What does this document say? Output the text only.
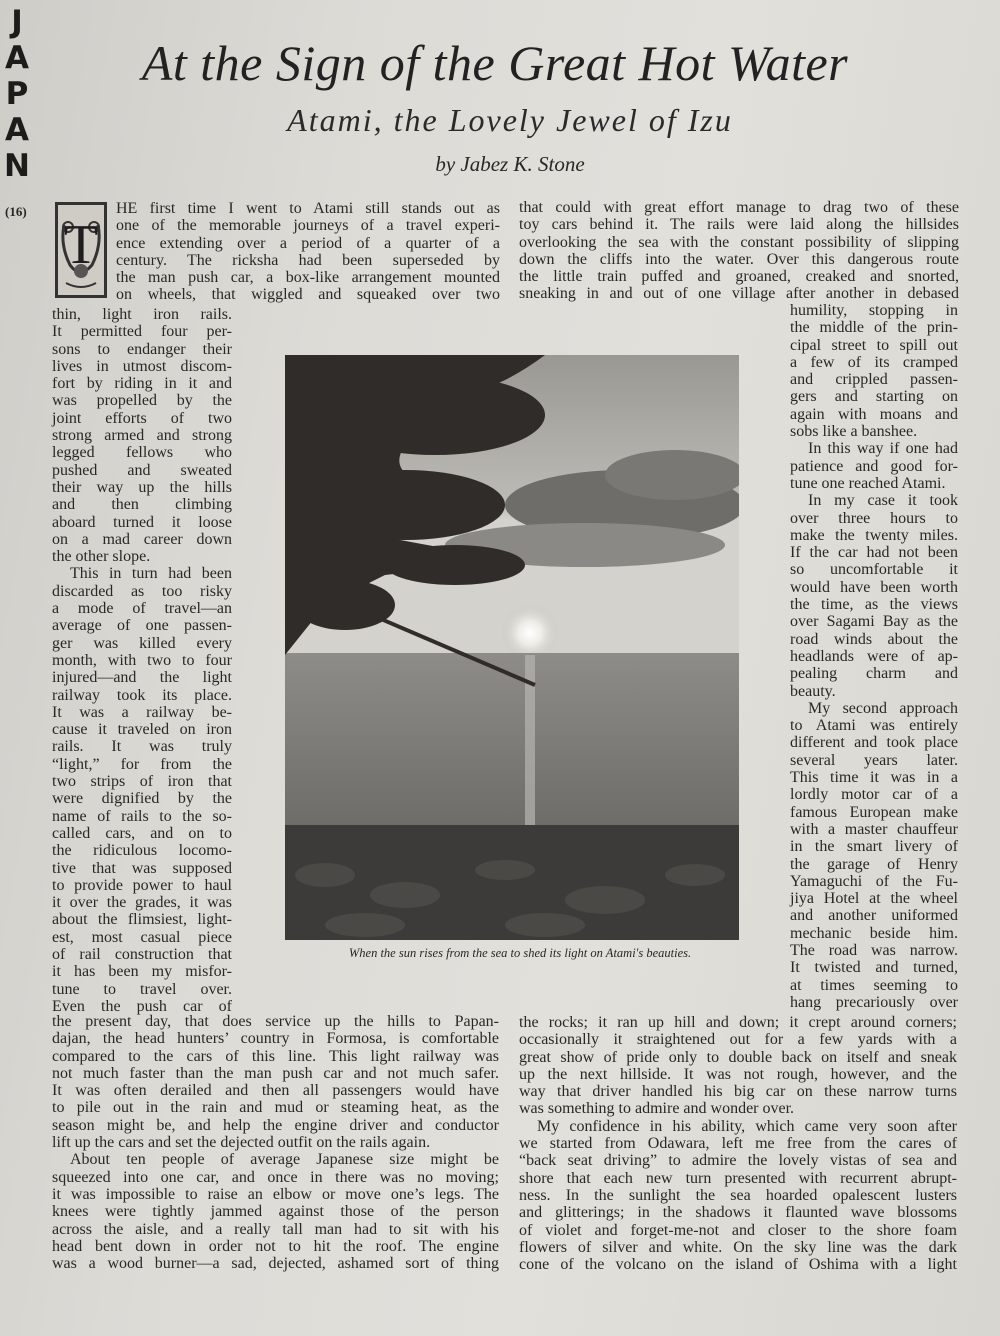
J
A
P
A
N
(16)
At the Sign of the Great Hot Water
Atami, the Lovely Jewel of Izu
by Jabez K. Stone
T
HE first time I went to Atami still stands out as
one of the memorable journeys of a travel experi-
ence extending over a period of a quarter of a
century. The ricksha had been superseded by
the man push car, a box-like arrangement mounted
on wheels, that wiggled and squeaked over two
thin, light iron rails.
It permitted four per-
sons to endanger their
lives in utmost discom-
fort by riding in it and
was propelled by the
joint efforts of two
strong armed and strong
legged fellows who
pushed and sweated
their way up the hills
and then climbing
aboard turned it loose
on a mad career down
the other slope.
This in turn had been
discarded as too risky
a mode of travel—an
average of one passen-
ger was killed every
month, with two to four
injured—and the light
railway took its place.
It was a railway be-
cause it traveled on iron
rails. It was truly
“light,” for from the
two strips of iron that
were dignified by the
name of rails to the so-
called cars, and on to
the ridiculous locomo-
tive that was supposed
to provide power to haul
it over the grades, it was
about the flimsiest, light-
est, most casual piece
of rail construction that
it has been my misfor-
tune to travel over.
Even the push car of
the present day, that does service up the hills to Papan-
dajan, the head hunters’ country in Formosa, is comfortable
compared to the cars of this line. This light railway was
not much faster than the man push car and not much safer.
It was often derailed and then all passengers would have
to pile out in the rain and mud or steaming heat, as the
season might be, and help the engine driver and conductor
lift up the cars and set the dejected outfit on the rails again.
About ten people of average Japanese size might be
squeezed into one car, and once in there was no moving;
it was impossible to raise an elbow or move one’s legs. The
knees were tightly jammed against those of the person
across the aisle, and a really tall man had to sit with his
head bent down in order not to hit the roof. The engine
was a wood burner—a sad, dejected, ashamed sort of thing
that could with great effort manage to drag two of these
toy cars behind it. The rails were laid along the hillsides
overlooking the sea with the constant possibility of slipping
down the cliffs into the water. Over this dangerous route
the little train puffed and groaned, creaked and snorted,
sneaking in and out of one village after another in debased
humility, stopping in
the middle of the prin-
cipal street to spill out
a few of its cramped
and crippled passen-
gers and starting on
again with moans and
sobs like a banshee.
In this way if one had
patience and good for-
tune one reached Atami.
In my case it took
over three hours to
make the twenty miles.
If the car had not been
so uncomfortable it
would have been worth
the time, as the views
over Sagami Bay as the
road winds about the
headlands were of ap-
pealing charm and
beauty.
My second approach
to Atami was entirely
different and took place
several years later.
This time it was in a
lordly motor car of a
famous European make
with a master chauffeur
in the smart livery of
the garage of Henry
Yamaguchi of the Fu-
jiya Hotel at the wheel
and another uniformed
mechanic beside him.
The road was narrow.
It twisted and turned,
at times seeming to
hang precariously over
the rocks; it ran up hill and down; it crept around corners;
occasionally it straightened out for a few yards with a
great show of pride only to double back on itself and sneak
up the next hillside. It was not rough, however, and the
way that driver handled his big car on these narrow turns
was something to admire and wonder over.
My confidence in his ability, which came very soon after
we started from Odawara, left me free from the cares of
“back seat driving” to admire the lovely vistas of sea and
shore that each new turn presented with recurrent abrupt-
ness. In the sunlight the sea hoarded opalescent lusters
and glitterings; in the shadows it flaunted wave blossoms
of violet and forget-me-not and closer to the shore foam
flowers of silver and white. On the sky line was the dark
cone of the volcano on the island of Oshima with a light
When the sun rises from the sea to shed its light on Atami's beauties.
